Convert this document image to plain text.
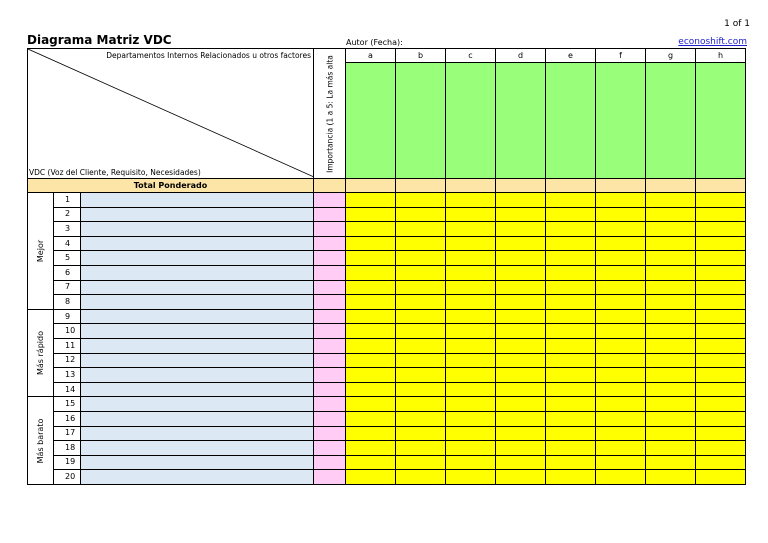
1 of 1
Diagrama Matriz VDC	Autor (Fecha):	econoshift.com
Departamentos Internos Relacionados u otros factores
VDC (Voz del Cliente, Requisito, Necesidades)			Importancia (1 a 5: La más alta	a	b	c	d	e	f	g	h

Total Ponderado											

Mejor	1										
	2										
	3										
	4										
	5										
	6										
	7										
	8										

Más rápido	9										
	10										
	11										
	12										
	13										
	14										

Más barato	15										
	16										
	17										
	18										
	19										
	20										
